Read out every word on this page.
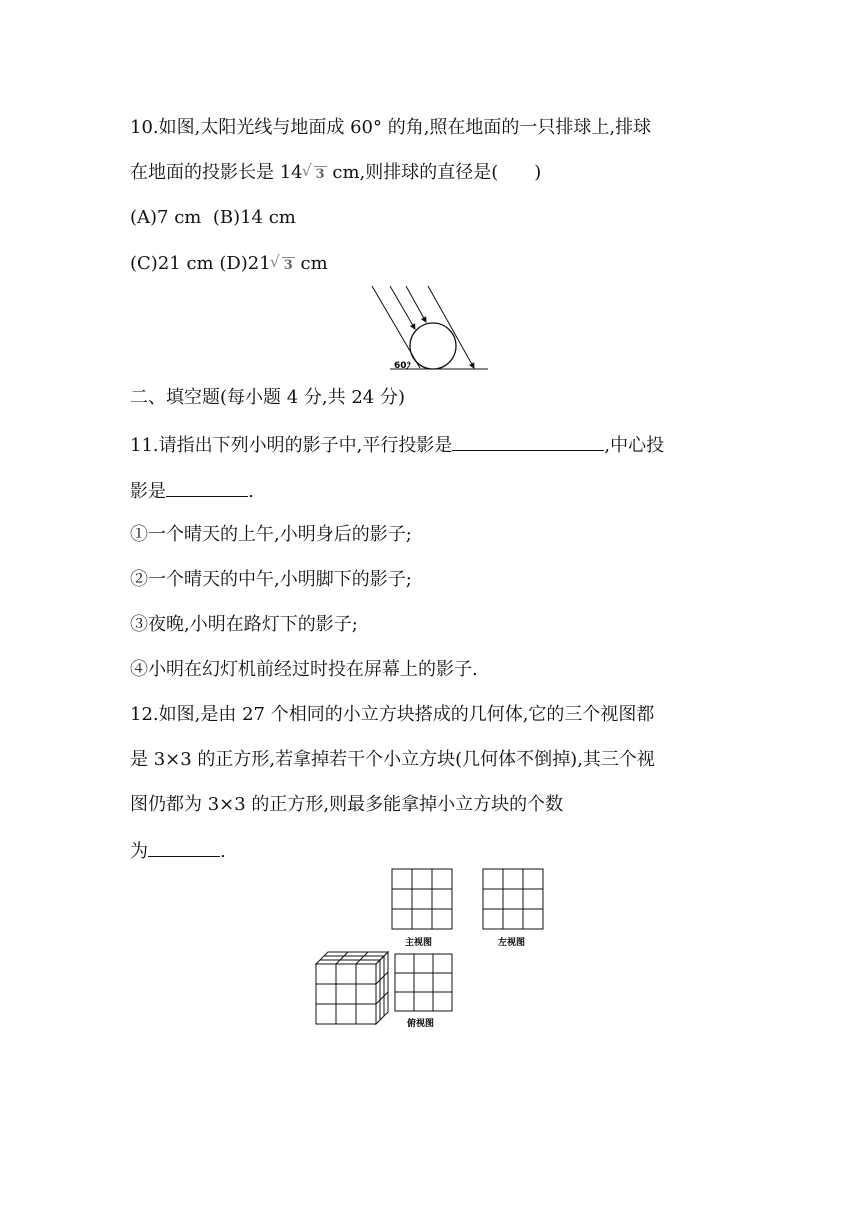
10.如图,太阳光线与地面成 60° 的角,照在地面的一只排球上,排球
在地面的投影长是 14 √ 3 cm,则排球的直径是(　　)
(A)7 cm (B)14 cm
(C)21 cm (D)21 √ 3 cm
60°
二、填空题(每小题 4 分,共 24 分)
11.请指出下列小明的影子中,平行投影是	,中心投
影是	.
①一个晴天的上午,小明身后的影子;
②一个晴天的中午,小明脚下的影子;
③夜晚,小明在路灯下的影子;
④小明在幻灯机前经过时投在屏幕上的影子.
12.如图,是由 27 个相同的小立方块搭成的几何体,它的三个视图都
是 3×3 的正方形,若拿掉若干个小立方块(几何体不倒掉),其三个视
图仍都为 3×3 的正方形,则最多能拿掉小立方块的个数
为	.
主视图	左视图
俯视图
